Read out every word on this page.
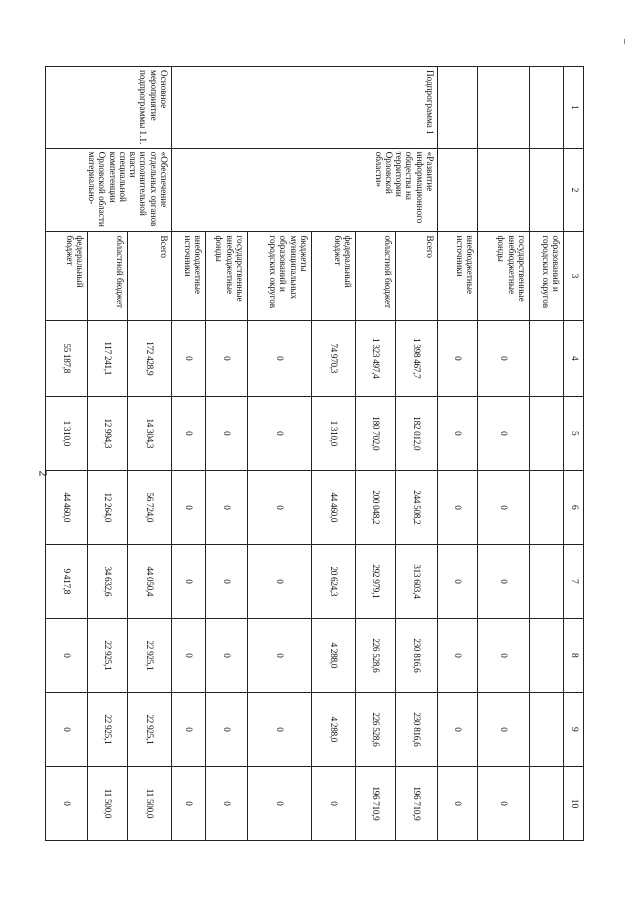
2
–
1	2	3	4	5	6	7	8	9	10
		образований и городских округов							
		государственные внебюджетные фонды	0	0	0	0	0	0	0
		внебюджетные источники	0	0	0	0	0	0	0
Подпрограмма 1	«Развитие информационного общества на территории Орловской области»	Всего	1 398 467,7	182 012,0	244 508,2	313 603,4	230 816,6	230 816,6	196 710,9
		областной бюджет	1 323 497,4	180 702,0	200 048,2	292 979,1	226 528,6	226 528,6	196 710,9
		федеральный бюджет	74 970,3	1 310,0	44 460,0	20 624,3	4 288,0	4 288,0	0
		бюджеты муниципальных образований и городских округов	0	0	0	0	0	0	0
		государственные внебюджетные фонды	0	0	0	0	0	0	0
		внебюджетные источники	0	0	0	0	0	0	0
Основное мероприятие подпрограммы 1.1.	«Обеспечение отдельных органов исполнительной власти специальной компетенции Орловской области материально-	Всего	172 428,9	14 304,3	56 724,0	44 050,4	22 925,1	22 925,1	11 500,0
		областной бюджет	117 241,1	12 994,3	12 264,0	34 632,6	22 925,1	22 925,1	11 500,0
		федеральный бюджет	55 187,8	1 310,0	44 460,0	9 417,8	0	0	0
